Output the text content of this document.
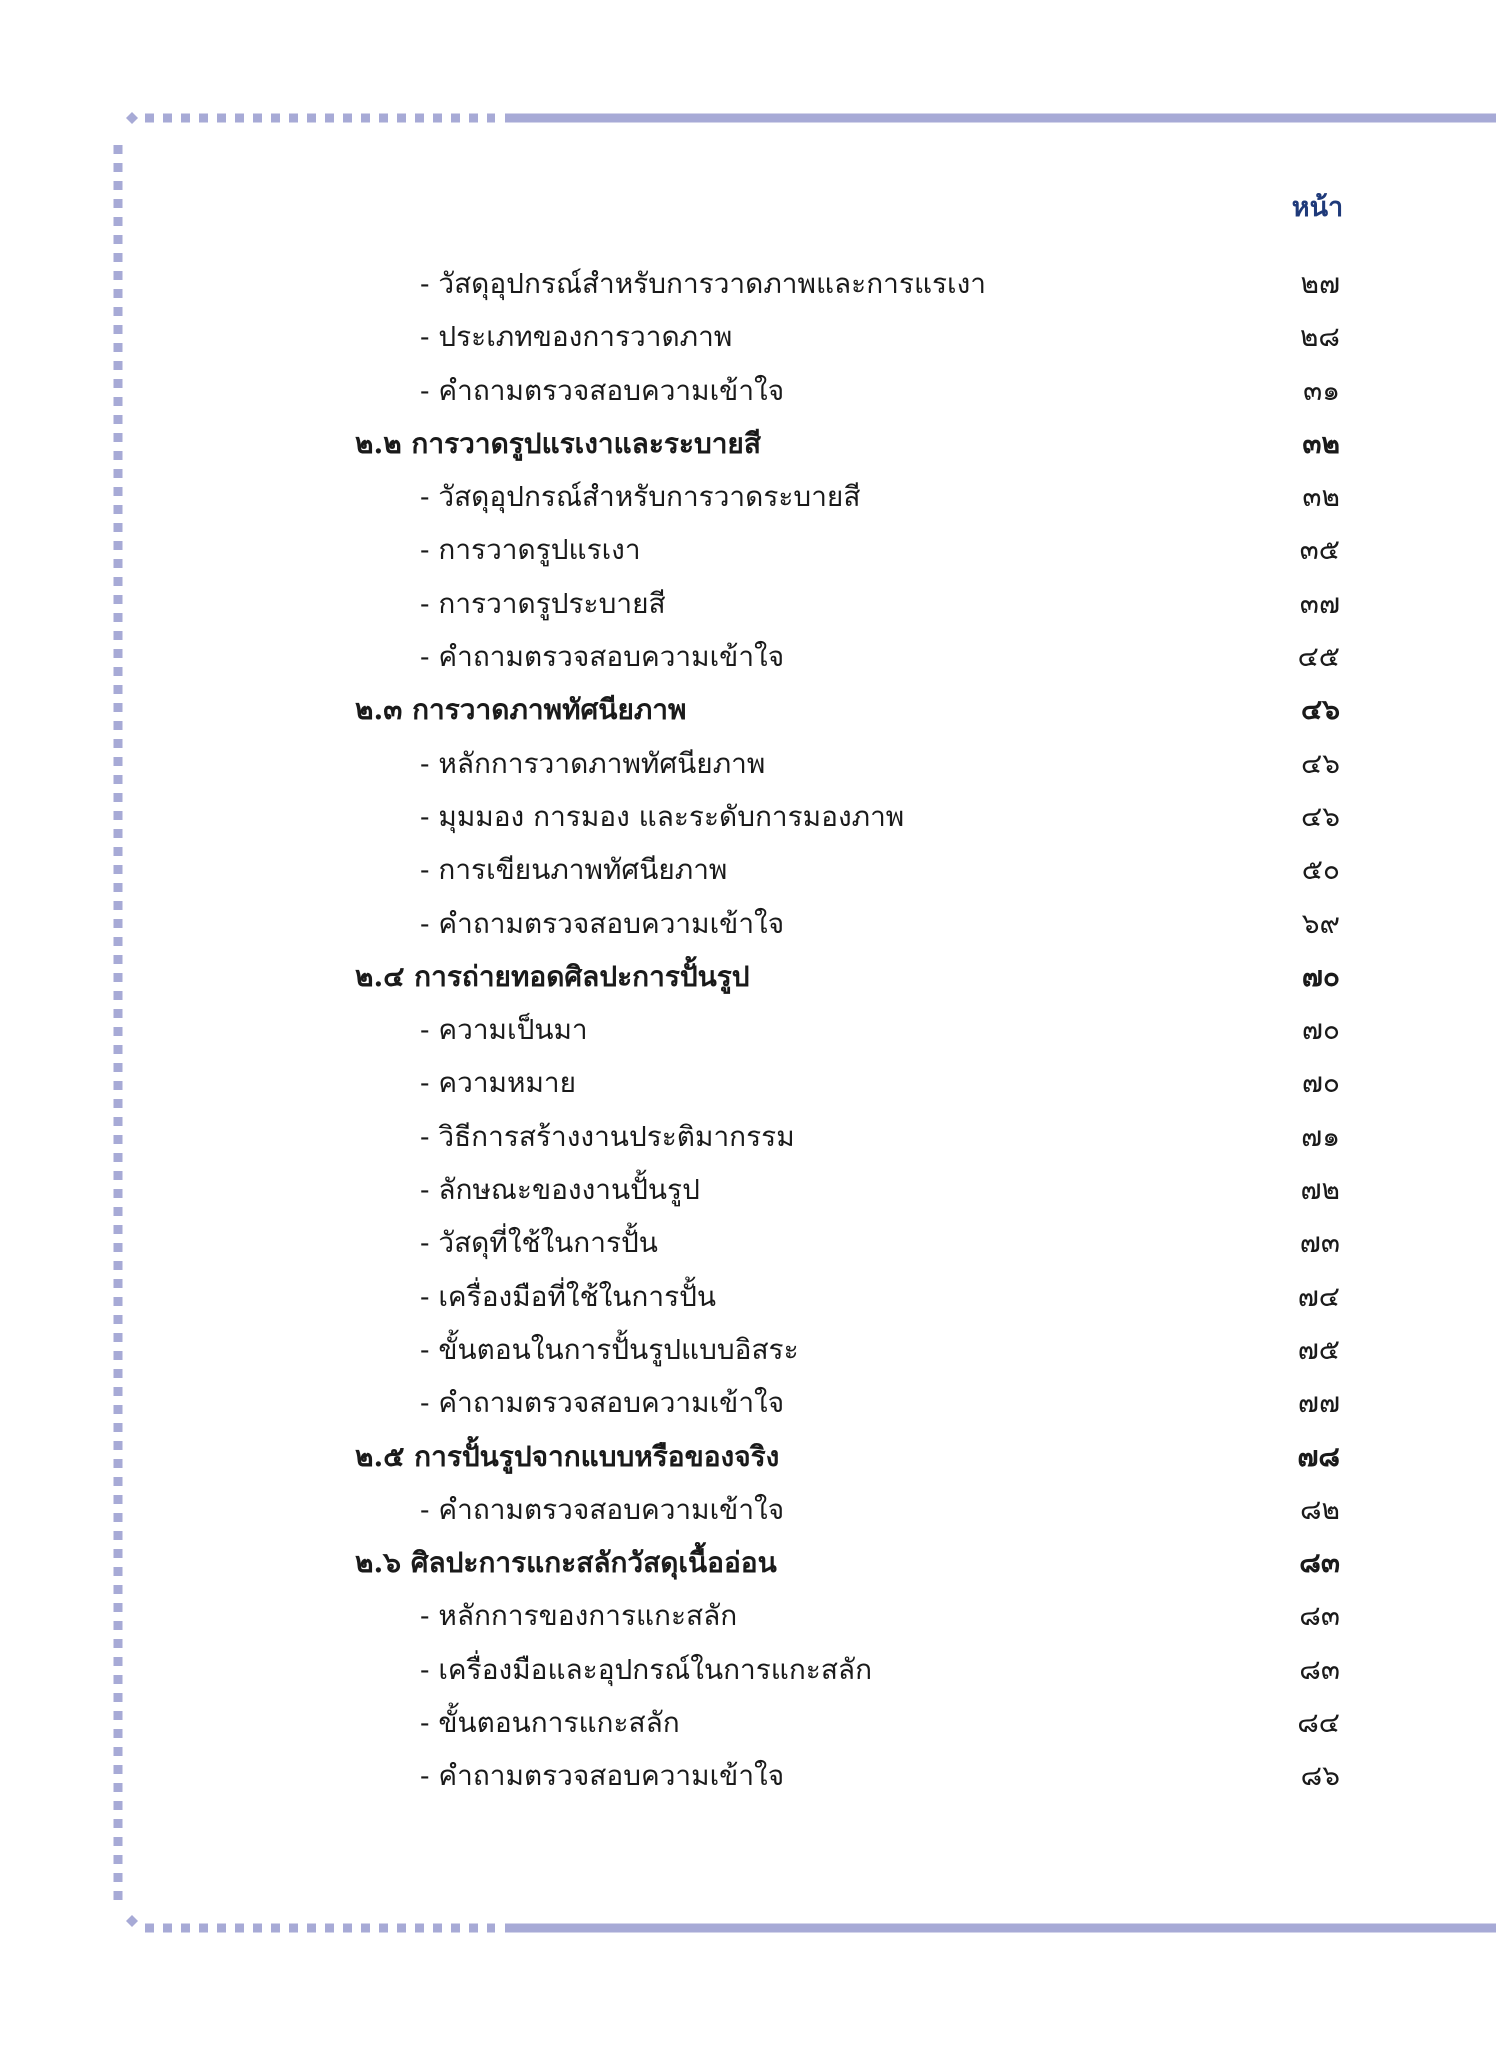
หน้า
- วัสดุอุปกรณ์สำหรับการวาดภาพและการแรเงา	๒๗
- ประเภทของการวาดภาพ	๒๘
- คำถามตรวจสอบความเข้าใจ	๓๑
๒.๒ การวาดรูปแรเงาและระบายสี	๓๒
- วัสดุอุปกรณ์สำหรับการวาดระบายสี	๓๒
- การวาดรูปแรเงา	๓๕
- การวาดรูประบายสี	๓๗
- คำถามตรวจสอบความเข้าใจ	๔๕
๒.๓ การวาดภาพทัศนียภาพ	๔๖
- หลักการวาดภาพทัศนียภาพ	๔๖
- มุมมอง การมอง และระดับการมองภาพ	๔๖
- การเขียนภาพทัศนียภาพ	๕๐
- คำถามตรวจสอบความเข้าใจ	๖๙
๒.๔ การถ่ายทอดศิลปะการปั้นรูป	๗๐
- ความเป็นมา	๗๐
- ความหมาย	๗๐
- วิธีการสร้างงานประติมากรรม	๗๑
- ลักษณะของงานปั้นรูป	๗๒
- วัสดุที่ใช้ในการปั้น	๗๓
- เครื่องมือที่ใช้ในการปั้น	๗๔
- ขั้นตอนในการปั้นรูปแบบอิสระ	๗๕
- คำถามตรวจสอบความเข้าใจ	๗๗
๒.๕ การปั้นรูปจากแบบหรือของจริง	๗๘
- คำถามตรวจสอบความเข้าใจ	๘๒
๒.๖ ศิลปะการแกะสลักวัสดุเนื้ออ่อน	๘๓
- หลักการของการแกะสลัก	๘๓
- เครื่องมือและอุปกรณ์ในการแกะสลัก	๘๓
- ขั้นตอนการแกะสลัก	๘๔
- คำถามตรวจสอบความเข้าใจ	๘๖
